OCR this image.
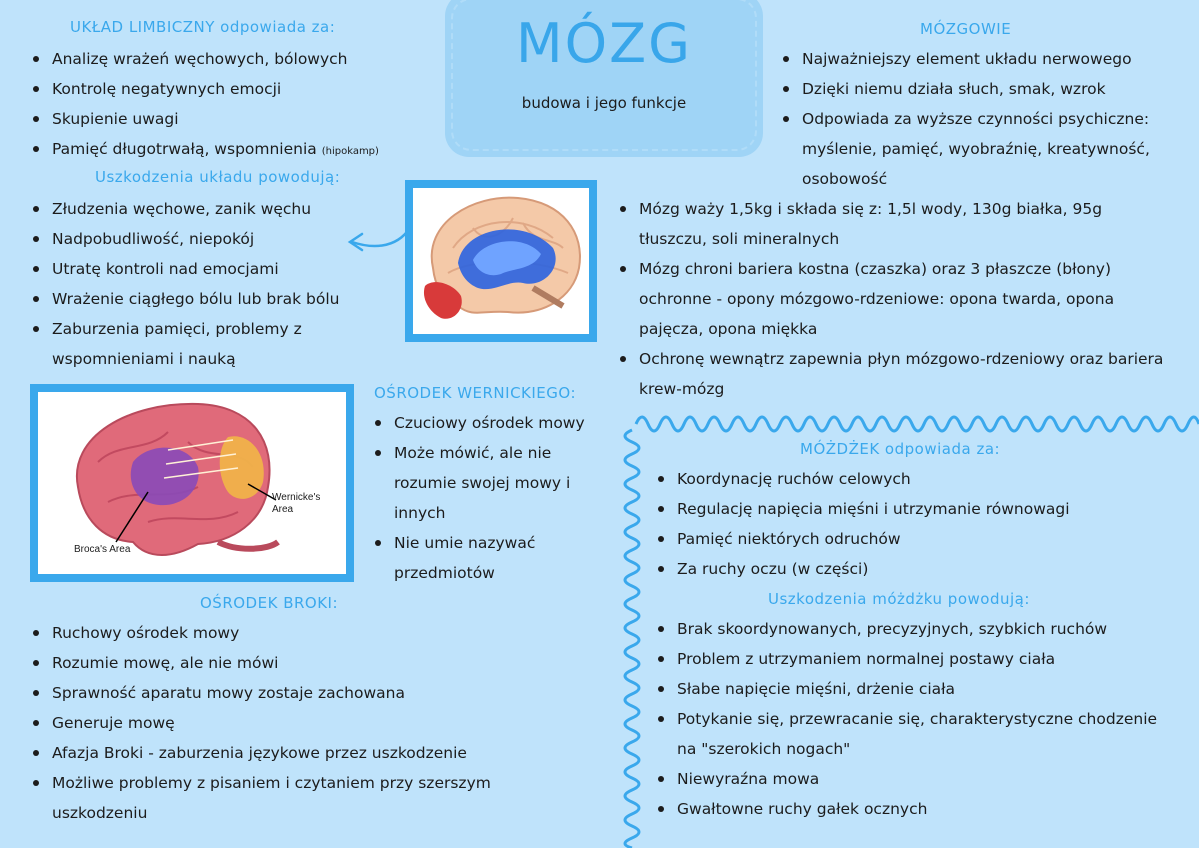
MÓZG
budowa i jego funkcje
UKŁAD LIMBICZNY odpowiada za:
Analizę wrażeń węchowych, bólowych
Kontrolę negatywnych emocji
Skupienie uwagi
Pamięć długotrwałą, wspomnienia (hipokamp)
Uszkodzenia układu powodują:
Złudzenia węchowe, zanik węchu
Nadpobudliwość, niepokój
Utratę kontroli nad emocjami
Wrażenie ciągłego bólu lub brak bólu
Zaburzenia pamięci, problemy z wspomnieniami i nauką
MÓZGOWIE
Najważniejszy element układu nerwowego
Dzięki niemu działa słuch, smak, wzrok
Odpowiada za wyższe czynności psychiczne: myślenie, pamięć, wyobraźnię, kreatywność, osobowość
Mózg waży 1,5kg i składa się z: 1,5l wody, 130g białka, 95g tłuszczu, soli mineralnych
Mózg chroni bariera kostna (czaszka) oraz 3 płaszcze (błony) ochronne - opony mózgowo-rdzeniowe: opona twarda, opona pajęcza, opona miękka
Ochronę wewnątrz zapewnia płyn mózgowo-rdzeniowy oraz bariera krew-mózg
Wernicke's Area
Broca's Area
OŚRODEK WERNICKIEGO:
Czuciowy ośrodek mowy
Może mówić, ale nie rozumie swojej mowy i innych
Nie umie nazywać przedmiotów
OŚRODEK BROKI:
Ruchowy ośrodek mowy
Rozumie mowę, ale nie mówi
Sprawność aparatu mowy zostaje zachowana
Generuje mowę
Afazja Broki - zaburzenia językowe przez uszkodzenie
Możliwe problemy z pisaniem i czytaniem przy szerszym uszkodzeniu
MÓŻDŻEK odpowiada za:
Koordynację ruchów celowych
Regulację napięcia mięśni i utrzymanie równowagi
Pamięć niektórych odruchów
Za ruchy oczu (w części)
Uszkodzenia móżdżku powodują:
Brak skoordynowanych, precyzyjnych, szybkich ruchów
Problem z utrzymaniem normalnej postawy ciała
Słabe napięcie mięśni, drżenie ciała
Potykanie się, przewracanie się, charakterystyczne chodzenie na "szerokich nogach"
Niewyraźna mowa
Gwałtowne ruchy gałek ocznych
